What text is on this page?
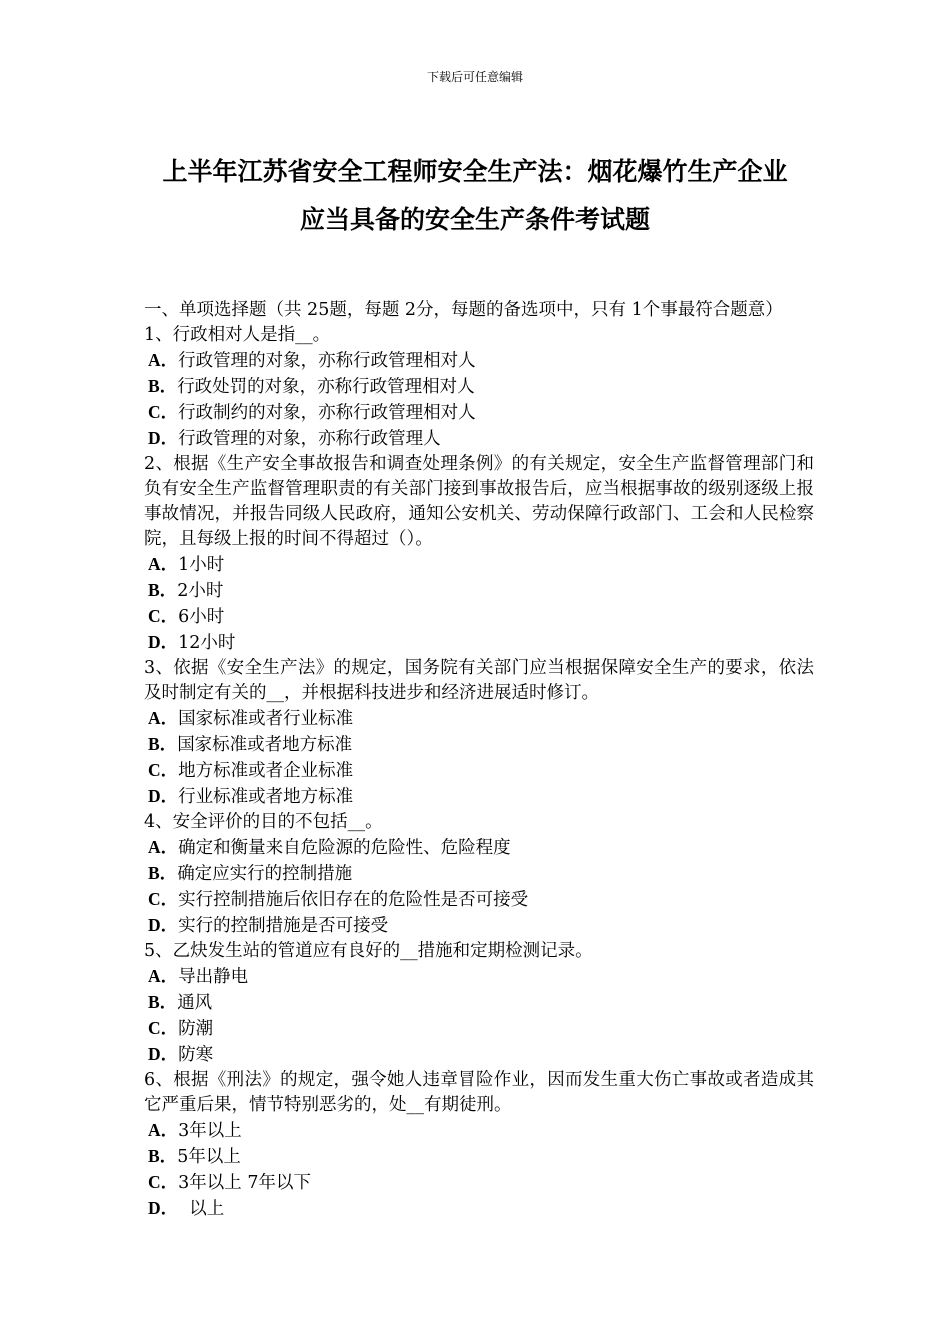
下载后可任意编辑
上半年江苏省安全工程师安全生产法：烟花爆竹生产企业
应当具备的安全生产条件考试题
一、单项选择题（共 25题，每题 2分，每题的备选项中，只有 1个事最符合题意）
1、行政相对人是指__。
A．行政管理的对象，亦称行政管理相对人
B．行政处罚的对象，亦称行政管理相对人
C．行政制约的对象，亦称行政管理相对人
D．行政管理的对象，亦称行政管理人
2、根据《生产安全事故报告和调查处理条例》的有关规定，安全生产监督管理部门和负有安全生产监督管理职责的有关部门接到事故报告后，应当根据事故的级别逐级上报事故情况，并报告同级人民政府，通知公安机关、劳动保障行政部门、工会和人民检察院，且每级上报的时间不得超过（）。
A．1小时
B．2小时
C．6小时
D．12小时
3、依据《安全生产法》的规定，国务院有关部门应当根据保障安全生产的要求，依法及时制定有关的__，并根据科技进步和经济进展适时修订。
A．国家标准或者行业标准
B．国家标准或者地方标准
C．地方标准或者企业标准
D．行业标准或者地方标准
4、安全评价的目的不包括__。
A．确定和衡量来自危险源的危险性、危险程度
B．确定应实行的控制措施
C．实行控制措施后依旧存在的危险性是否可接受
D．实行的控制措施是否可接受
5、乙炔发生站的管道应有良好的__措施和定期检测记录。
A．导出静电
B．通风
C．防潮
D．防寒
6、根据《刑法》的规定，强令她人违章冒险作业，因而发生重大伤亡事故或者造成其它严重后果，情节特别恶劣的，处__有期徒刑。
A．3年以上
B．5年以上
C．3年以上 7年以下
D．  以上
